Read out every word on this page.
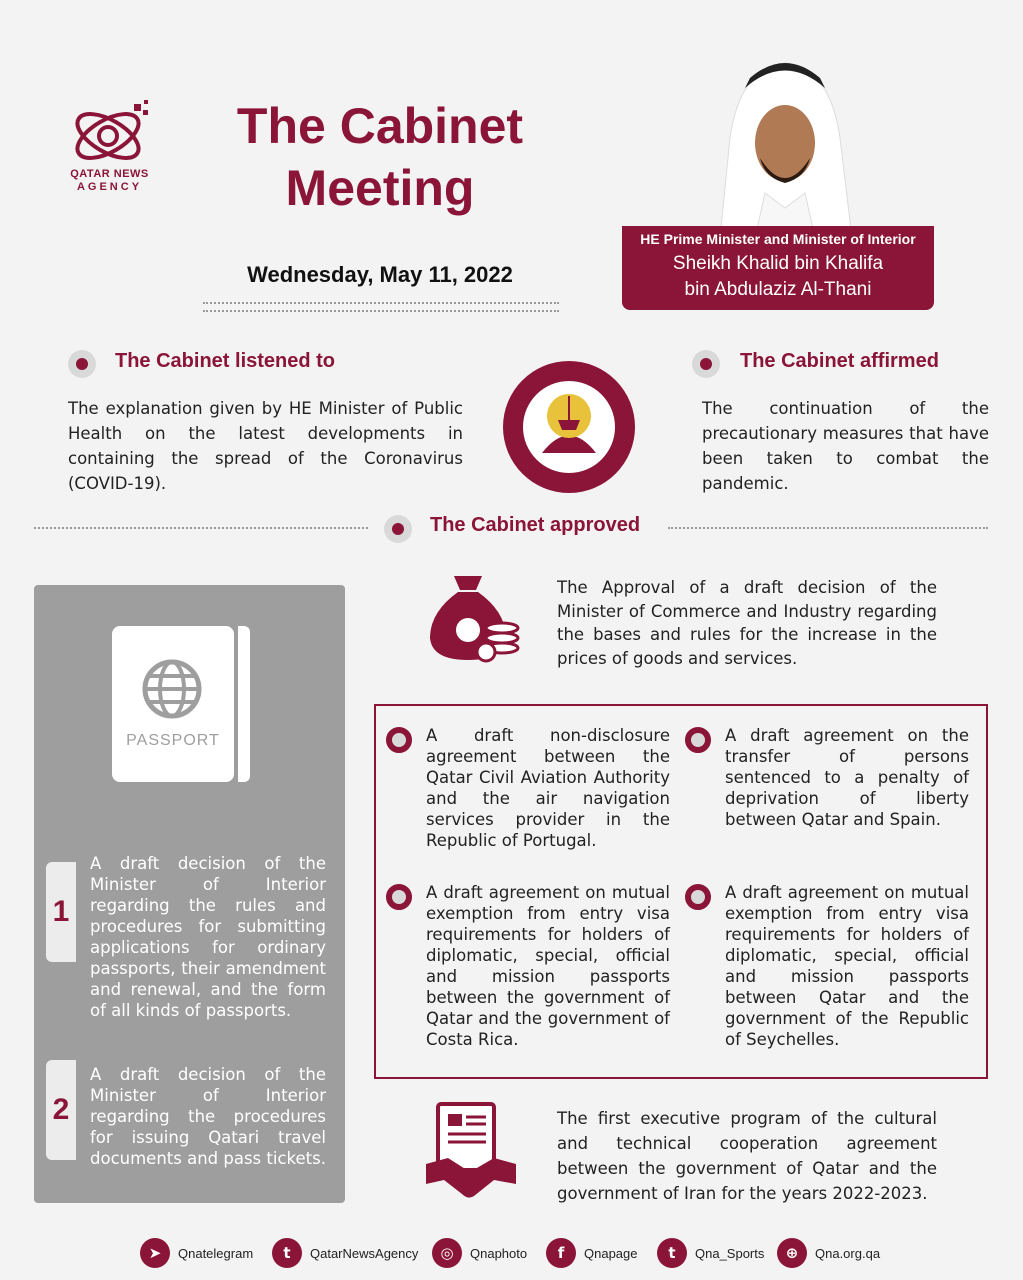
QATAR NEWS
AGENCY
The Cabinet
Meeting
Wednesday, May 11, 2022
HE Prime Minister and Minister of Interior
Sheikh Khalid bin Khalifa
bin Abdulaziz Al-Thani
The Cabinet listened to
The explanation given by HE Minister of Public Health on the latest developments in containing the spread of the Coronavirus (COVID-19).
The Cabinet affirmed
The continuation of the precautionary measures that have been taken to combat the pandemic.
The Cabinet approved
The Approval of a draft decision of the Minister of Commerce and Industry regarding the bases and rules for the increase in the prices of goods and services.
PASSPORT
1
A draft decision of the Minister of Interior regarding the rules and procedures for submitting applications for ordinary passports, their amendment and renewal, and the form of all kinds of passports.
2
A draft decision of the Minister of Interior regarding the procedures for issuing Qatari travel documents and pass tickets.
A draft non-disclosure agreement between the Qatar Civil Aviation Authority and the air navigation services provider in the Republic of Portugal.
A draft agreement on the transfer of persons sentenced to a penalty of deprivation of liberty between Qatar and Spain.
A draft agreement on mutual exemption from entry visa requirements for holders of diplomatic, special, official and mission passports between the government of Qatar and the government of Costa Rica.
A draft agreement on mutual exemption from entry visa requirements for holders of diplomatic, special, official and mission passports between Qatar and the government of the Republic of Seychelles.
The first executive program of the cultural and technical cooperation agreement between the government of Qatar and the government of Iran for the years 2022-2023.
➤	Qnatelegram	t	QatarNewsAgency	◎	Qnaphoto	f	Qnapage	t	Qna_Sports	⊕	Qna.org.qa
